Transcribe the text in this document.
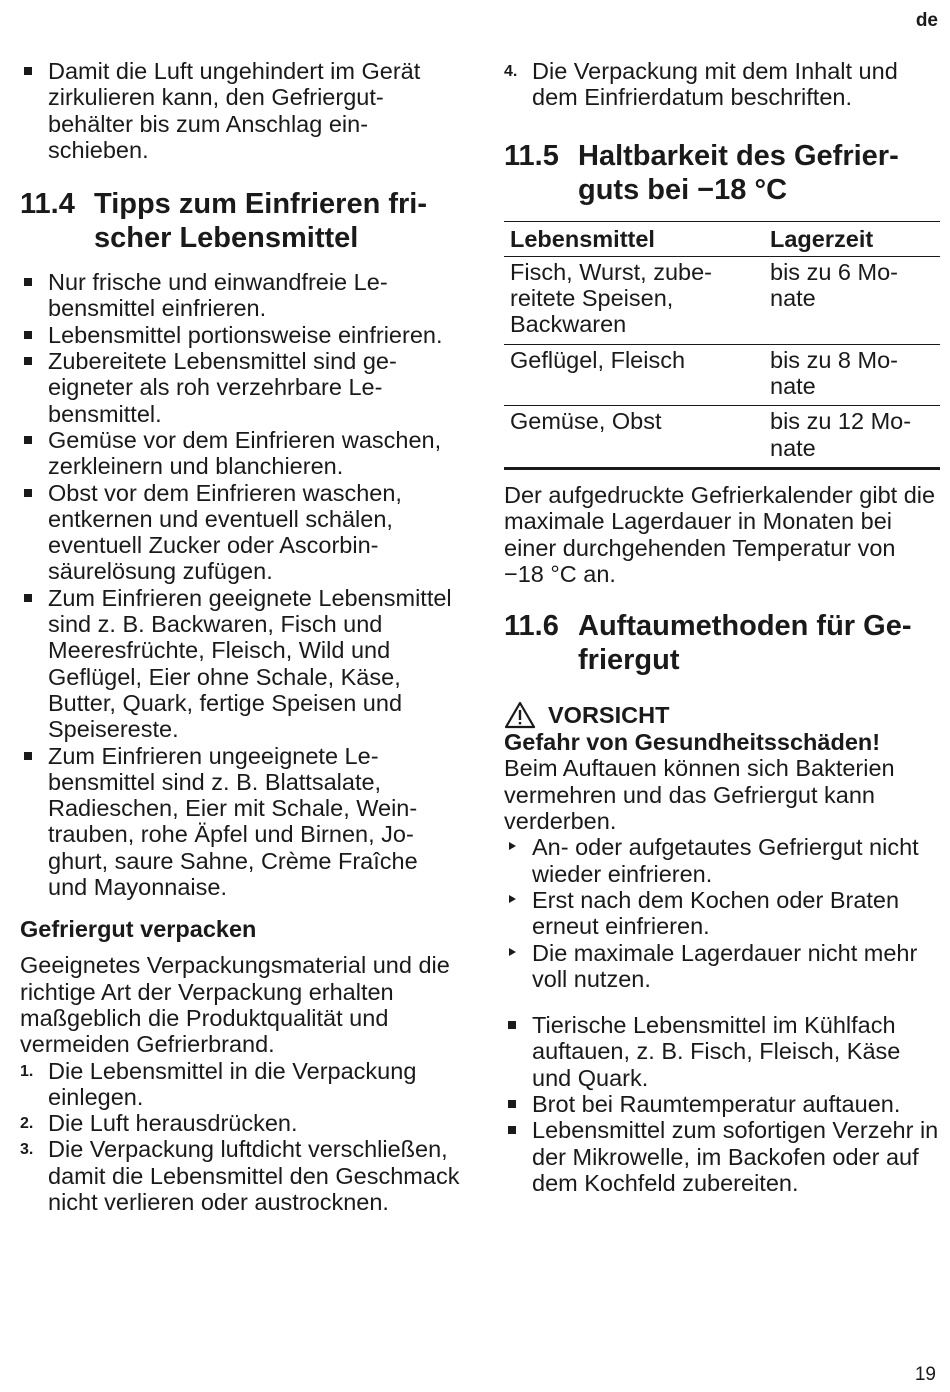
de
Damit die Luft ungehindert im Gerät zirkulieren kann, den Gefriergutbehälter bis zum Anschlag einschieben.
11.4 Tipps zum Einfrieren frischer Lebensmittel
Nur frische und einwandfreie Lebensmittel einfrieren.
Lebensmittel portionsweise einfrieren.
Zubereitete Lebensmittel sind geeigneter als roh verzehrbare Lebensmittel.
Gemüse vor dem Einfrieren waschen, zerkleinern und blanchieren.
Obst vor dem Einfrieren waschen, entkernen und eventuell schälen, eventuell Zucker oder Ascorbinsäurelösung zufügen.
Zum Einfrieren geeignete Lebensmittel sind z. B. Backwaren, Fisch und Meeresfrüchte, Fleisch, Wild und Geflügel, Eier ohne Schale, Käse, Butter, Quark, fertige Speisen und Speisereste.
Zum Einfrieren ungeeignete Lebensmittel sind z. B. Blattsalate, Radieschen, Eier mit Schale, Weintrauben, rohe Äpfel und Birnen, Joghurt, saure Sahne, Crème Fraîche und Mayonnaise.
Gefriergut verpacken

Geeignetes Verpackungsmaterial und die richtige Art der Verpackung erhalten maßgeblich die Produktqualität und vermeiden Gefrierbrand.

1. Die Lebensmittel in die Verpackung einlegen.
2. Die Luft herausdrücken.
3. Die Verpackung luftdicht verschließen, damit die Lebensmittel den Geschmack nicht verlieren oder austrocknen.
4. Die Verpackung mit dem Inhalt und dem Einfrierdatum beschriften.
11.5 Haltbarkeit des Gefrierguts bei −18 °C
Lebensmittel	Lagerzeit
Fisch, Wurst, zubereitete Speisen, Backwaren	bis zu 6 Monate
Geflügel, Fleisch	bis zu 8 Monate
Gemüse, Obst	bis zu 12 Monate

Der aufgedruckte Gefrierkalender gibt die maximale Lagerdauer in Monaten bei einer durchgehenden Temperatur von −18 °C an.

11.6 Auftaumethoden für Gefriergut
VORSICHT
Gefahr von Gesundheitsschäden!
Beim Auftauen können sich Bakterien vermehren und das Gefriergut kann verderben.
An- oder aufgetautes Gefriergut nicht wieder einfrieren.
Erst nach dem Kochen oder Braten erneut einfrieren.
Die maximale Lagerdauer nicht mehr voll nutzen.
Tierische Lebensmittel im Kühlfach auftauen, z. B. Fisch, Fleisch, Käse und Quark.
Brot bei Raumtemperatur auftauen.
Lebensmittel zum sofortigen Verzehr in der Mikrowelle, im Backofen oder auf dem Kochfeld zubereiten.
19
